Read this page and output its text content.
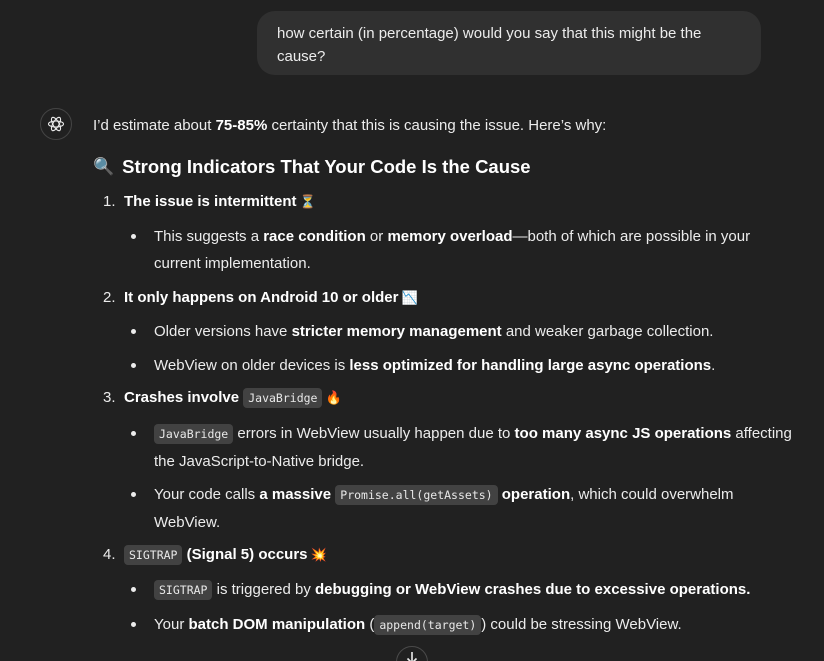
how certain (in percentage) would you say that this might be the cause?

I’d estimate about 75-85% certainty that this is causing the issue. Here’s why:

🔍 Strong Indicators That Your Code Is the Cause
1. The issue is intermittent ⏳
This suggests a race condition or memory overload—both of which are possible in your current implementation.
2. It only happens on Android 10 or older 📉
Older versions have stricter memory management and weaker garbage collection.
WebView on older devices is less optimized for handling large async operations.
3. Crashes involve JavaBridge 🔥
JavaBridge errors in WebView usually happen due to too many async JS operations affecting the JavaScript-to-Native bridge.
Your code calls a massive Promise.all(getAssets) operation, which could overwhelm WebView.
4. SIGTRAP (Signal 5) occurs 💥
SIGTRAP is triggered by debugging or WebView crashes due to excessive operations.
Your batch DOM manipulation ( append(target) ) could be stressing WebView.
